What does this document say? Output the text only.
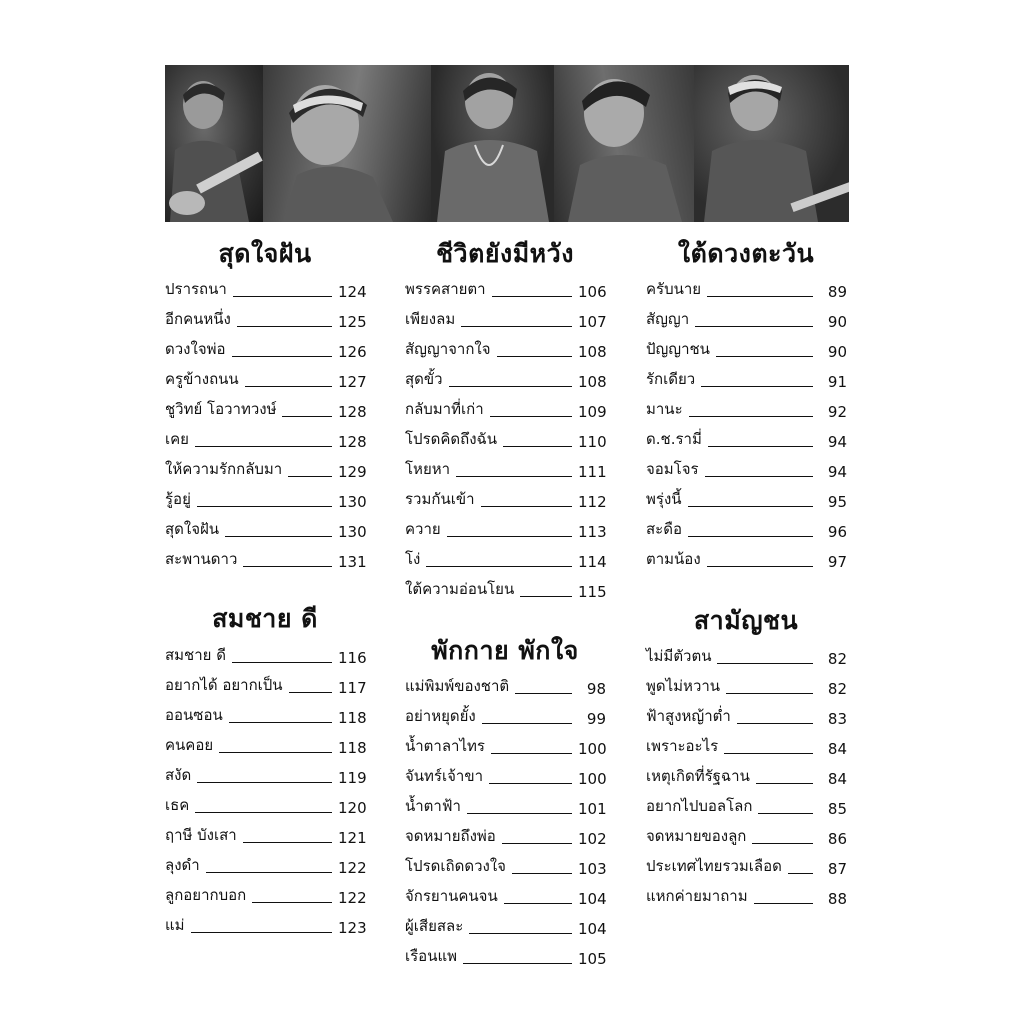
สุดใจฝัน
ปรารถนา	124
อีกคนหนึ่ง	125
ดวงใจพ่อ	126
ครูข้างถนน	127
ชูวิทย์ โอวาทวงษ์	128
เคย	128
ให้ความรักกลับมา	129
รู้อยู่	130
สุดใจฝัน	130
สะพานดาว	131
สมชาย ดี
สมชาย ดี	116
อยากได้ อยากเป็น	117
ออนซอน	118
คนคอย	118
สงัด	119
เธค	120
ฤาษี บังเสา	121
ลุงดำ	122
ลูกอยากบอก	122
แม่	123
ชีวิตยังมีหวัง
พรรคสายตา	106
เพียงลม	107
สัญญาจากใจ	108
สุดขั้ว	108
กลับมาที่เก่า	109
โปรดคิดถึงฉัน	110
โหยหา	111
รวมกันเข้า	112
ควาย	113
โง่	114
ใต้ความอ่อนโยน	115
พักกาย พักใจ
แม่พิมพ์ของชาติ	98
อย่าหยุดยั้ง	99
น้ำตาลาไทร	100
จันทร์เจ้าขา	100
น้ำตาฟ้า	101
จดหมายถึงพ่อ	102
โปรดเถิดดวงใจ	103
จักรยานคนจน	104
ผู้เสียสละ	104
เรือนแพ	105
ใต้ดวงตะวัน
ครับนาย	89
สัญญา	90
ปัญญาชน	90
รักเดียว	91
มานะ	92
ด.ช.รามี่	94
จอมโจร	94
พรุ่งนี้	95
สะดือ	96
ตามน้อง	97
สามัญชน
ไม่มีตัวตน	82
พูดไม่หวาน	82
ฟ้าสูงหญ้าต่ำ	83
เพราะอะไร	84
เหตุเกิดที่รัฐฉาน	84
อยากไปบอลโลก	85
จดหมายของลูก	86
ประเทศไทยรวมเลือด	87
แหกค่ายมาถาม	88
